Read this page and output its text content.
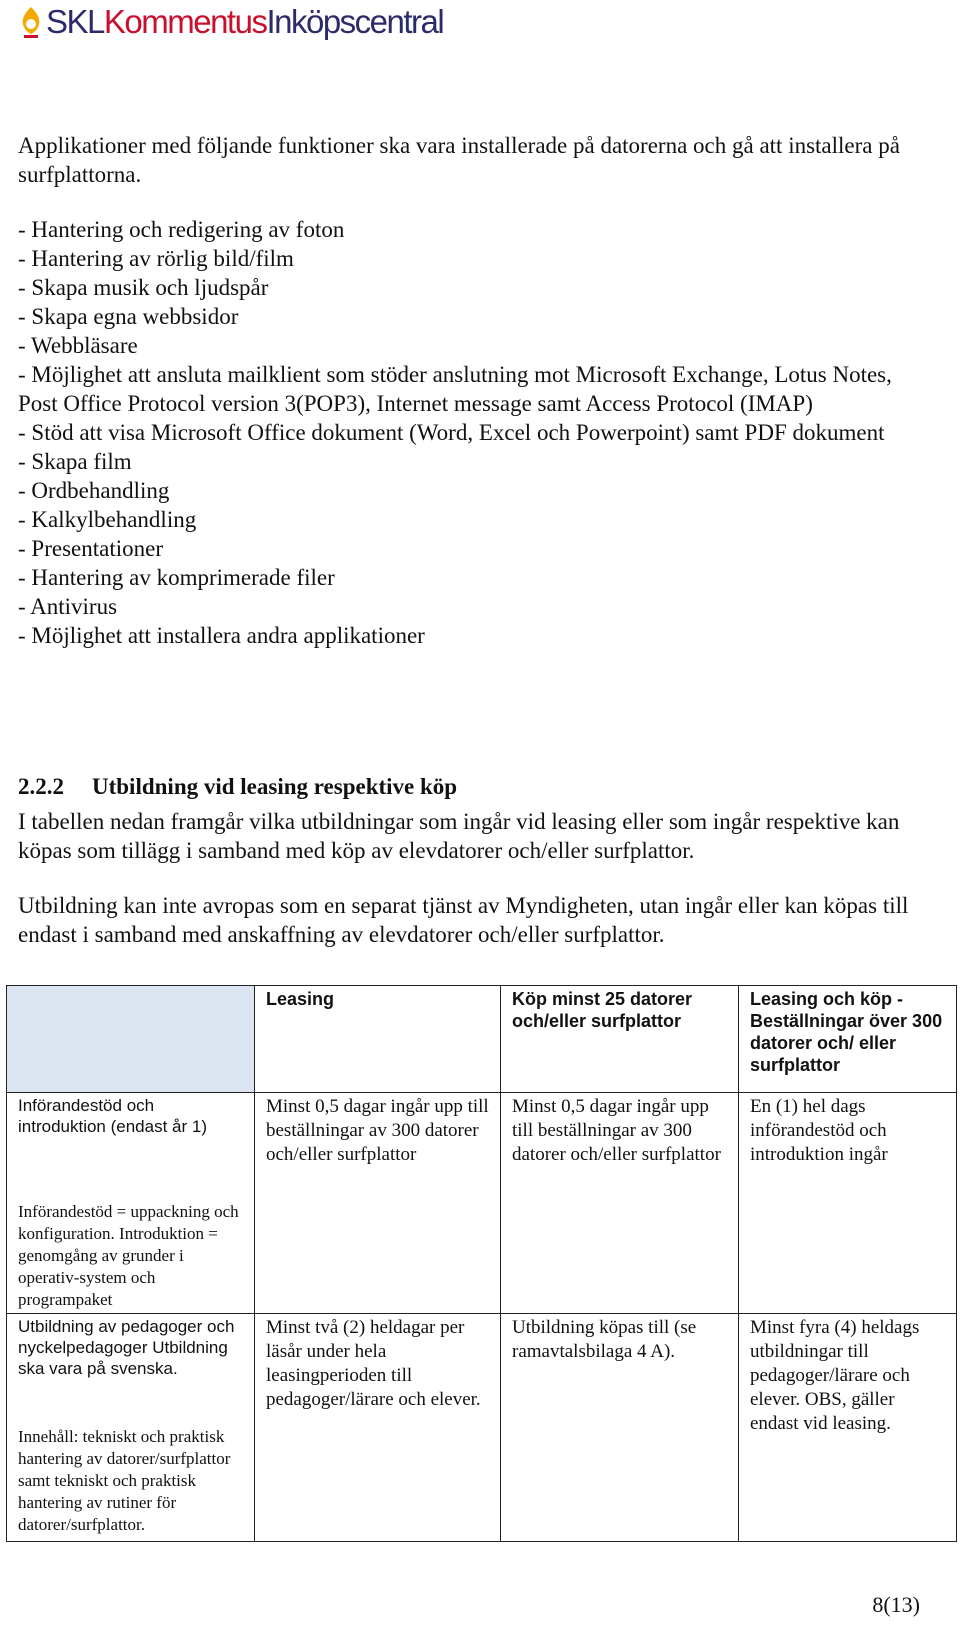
SKLKommentusInköpscentral

Applikationer med följande funktioner ska vara installerade på datorerna och gå att installera på surfplattorna.

- Hantering och redigering av foton
- Hantering av rörlig bild/film
- Skapa musik och ljudspår
- Skapa egna webbsidor
- Webbläsare
- Möjlighet att ansluta mailklient som stöder anslutning mot Microsoft Exchange, Lotus Notes, Post Office Protocol version 3(POP3), Internet message samt Access Protocol (IMAP)
- Stöd att visa Microsoft Office dokument (Word, Excel och Powerpoint) samt PDF dokument
- Skapa film
- Ordbehandling
- Kalkylbehandling
- Presentationer
- Hantering av komprimerade filer
- Antivirus
- Möjlighet att installera andra applikationer
2.2.2 Utbildning vid leasing respektive köp

I tabellen nedan framgår vilka utbildningar som ingår vid leasing eller som ingår respektive kan köpas som tillägg i samband med köp av elevdatorer och/eller surfplattor.

Utbildning kan inte avropas som en separat tjänst av Myndigheten, utan ingår eller kan köpas till endast i samband med anskaffning av elevdatorer och/eller surfplattor.

	Leasing	Köp minst 25 datorer och/eller surfplattor	Leasing och köp - Beställningar över 300 datorer och/ eller surfplattor

Införandestöd och introduktion (endast år 1)
Införandestöd = uppackning och konfiguration. Introduktion = genomgång av grunder i operativ-system och programpaket	Minst 0,5 dagar ingår upp till beställningar av 300 datorer och/eller surfplattor	Minst 0,5 dagar ingår upp till beställningar av 300 datorer och/eller surfplattor	En (1) hel dags införandestöd och introduktion ingår

Utbildning av pedagoger och nyckelpedagoger Utbildning ska vara på svenska.
Innehåll: tekniskt och praktisk hantering av datorer/surfplattor samt tekniskt och praktisk hantering av rutiner för datorer/surfplattor.	Minst två (2) heldagar per läsår under hela leasingperioden till pedagoger/lärare och elever.	Utbildning köpas till (se ramavtalsbilaga 4 A).	Minst fyra (4) heldags utbildningar till pedagoger/lärare och elever. OBS, gäller endast vid leasing.
8(13)
